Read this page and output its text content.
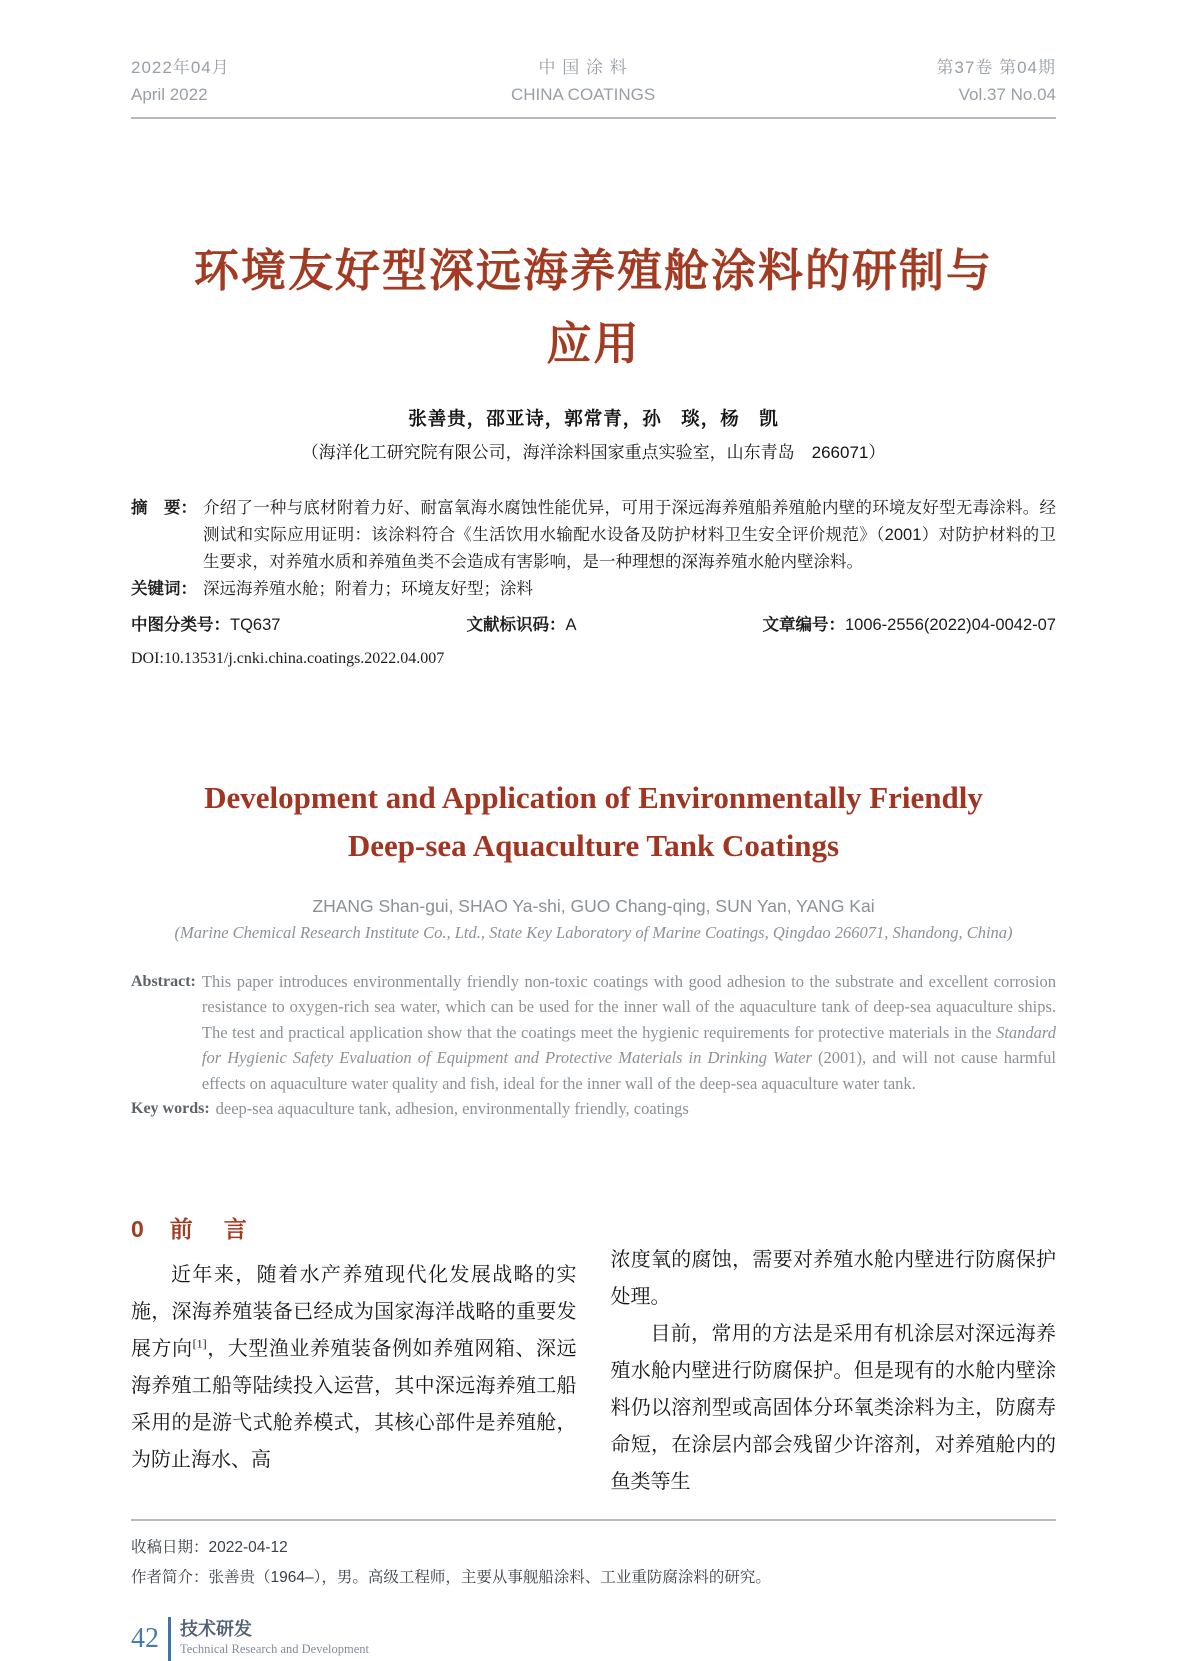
2022年04月
April 2022
中 国 涂 料
CHINA COATINGS
第37卷 第04期
Vol.37 No.04
环境友好型深远海养殖舱涂料的研制与
应用
张善贵，邵亚诗，郭常青，孙　琰，杨　凯
（海洋化工研究院有限公司，海洋涂料国家重点实验室，山东青岛　266071）
摘　要： 介绍了一种与底材附着力好、耐富氧海水腐蚀性能优异，可用于深远海养殖船养殖舱内壁的环境友好型无毒涂料。经测试和实际应用证明：该涂料符合《生活饮用水输配水设备及防护材料卫生安全评价规范》（2001）对防护材料的卫生要求，对养殖水质和养殖鱼类不会造成有害影响，是一种理想的深海养殖水舱内壁涂料。
关键词： 深远海养殖水舱；附着力；环境友好型；涂料
中图分类号：TQ637	文献标识码：A	文章编号：1006-2556(2022)04-0042-07
DOI:10.13531/j.cnki.china.coatings.2022.04.007
Development and Application of Environmentally Friendly
Deep-sea Aquaculture Tank Coatings
ZHANG Shan-gui, SHAO Ya-shi, GUO Chang-qing, SUN Yan, YANG Kai
(Marine Chemical Research Institute Co., Ltd., State Key Laboratory of Marine Coatings, Qingdao 266071, Shandong, China)
Abstract: This paper introduces environmentally friendly non-toxic coatings with good adhesion to the substrate and excellent corrosion resistance to oxygen-rich sea water, which can be used for the inner wall of the aquaculture tank of deep-sea aquaculture ships. The test and practical application show that the coatings meet the hygienic requirements for protective materials in the Standard for Hygienic Safety Evaluation of Equipment and Protective Materials in Drinking Water (2001), and will not cause harmful effects on aquaculture water quality and fish, ideal for the inner wall of the deep-sea aquaculture water tank.
Key words: deep-sea aquaculture tank, adhesion, environmentally friendly, coatings
0 前　言

近年来，随着水产养殖现代化发展战略的实施，深海养殖装备已经成为国家海洋战略的重要发展方向[1]，大型渔业养殖装备例如养殖网箱、深远海养殖工船等陆续投入运营，其中深远海养殖工船采用的是游弋式舱养模式，其核心部件是养殖舱，为防止海水、高

浓度氧的腐蚀，需要对养殖水舱内壁进行防腐保护处理。

目前，常用的方法是采用有机涂层对深远海养殖水舱内壁进行防腐保护。但是现有的水舱内壁涂料仍以溶剂型或高固体分环氧类涂料为主，防腐寿命短，在涂层内部会残留少许溶剂，对养殖舱内的鱼类等生

收稿日期：2022-04-12
作者简介：张善贵（1964–），男。高级工程师，主要从事舰船涂料、工业重防腐涂料的研究。
42 技术研发
Technical Research and Development
